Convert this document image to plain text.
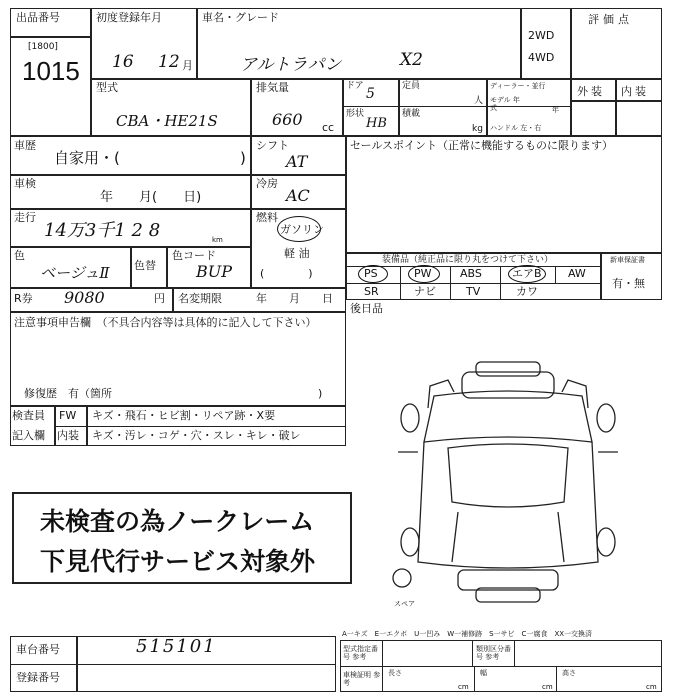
出品番号
[1800]
1015
初度登録年月
16 12 月
車名・グレード
アルトラパン	X2
2WD
4WD
評価点
型式
CBA・HE21S
排気量
660 cc
ドア 5	定員
人
ディーラー・並行
モデル 年式	年
形状
HB
積載
kg ハンドル 左・右
外装 内装
車歴
自家用・(	)
車検
年　　月(　　日)
走行
14万3千1 2 8	km
色
ベージュⅡ 色替
色コード
BUP
シフト
AT
冷房
AC
燃料
ガソリン
軽 油
(　　　　)
セールスポイント（正常に機能するものに限ります）
装備品（純正品に限り丸をつけて下さい）	新車保証書
有・無
PS	PW	ABS	エアB AW
SR	ナビ	TV	カワ
R券 9080	円 名変期限	年　　月　　日
注意事項申告欄　（不具合内容等は具体的に記入して下さい）
修復歴　有（箇所	)
後日品
検査員
記入欄
FW キズ・飛石・ヒビ割・リペア跡・X要
内装 キズ・汚レ・コゲ・穴・スレ・キレ・破レ
未検査の為ノークレーム
下見代行サービス対象外
スペア
A一キズ　E一エクボ　U一凹み　W一補修跡　S一サビ　C一腐食　XX一交換済
車台番号	515101
登録番号
型式指定番号 参考
類別区分番号 参考
車検証明 参考
長さ	幅	高さ
cm	cm	cm
